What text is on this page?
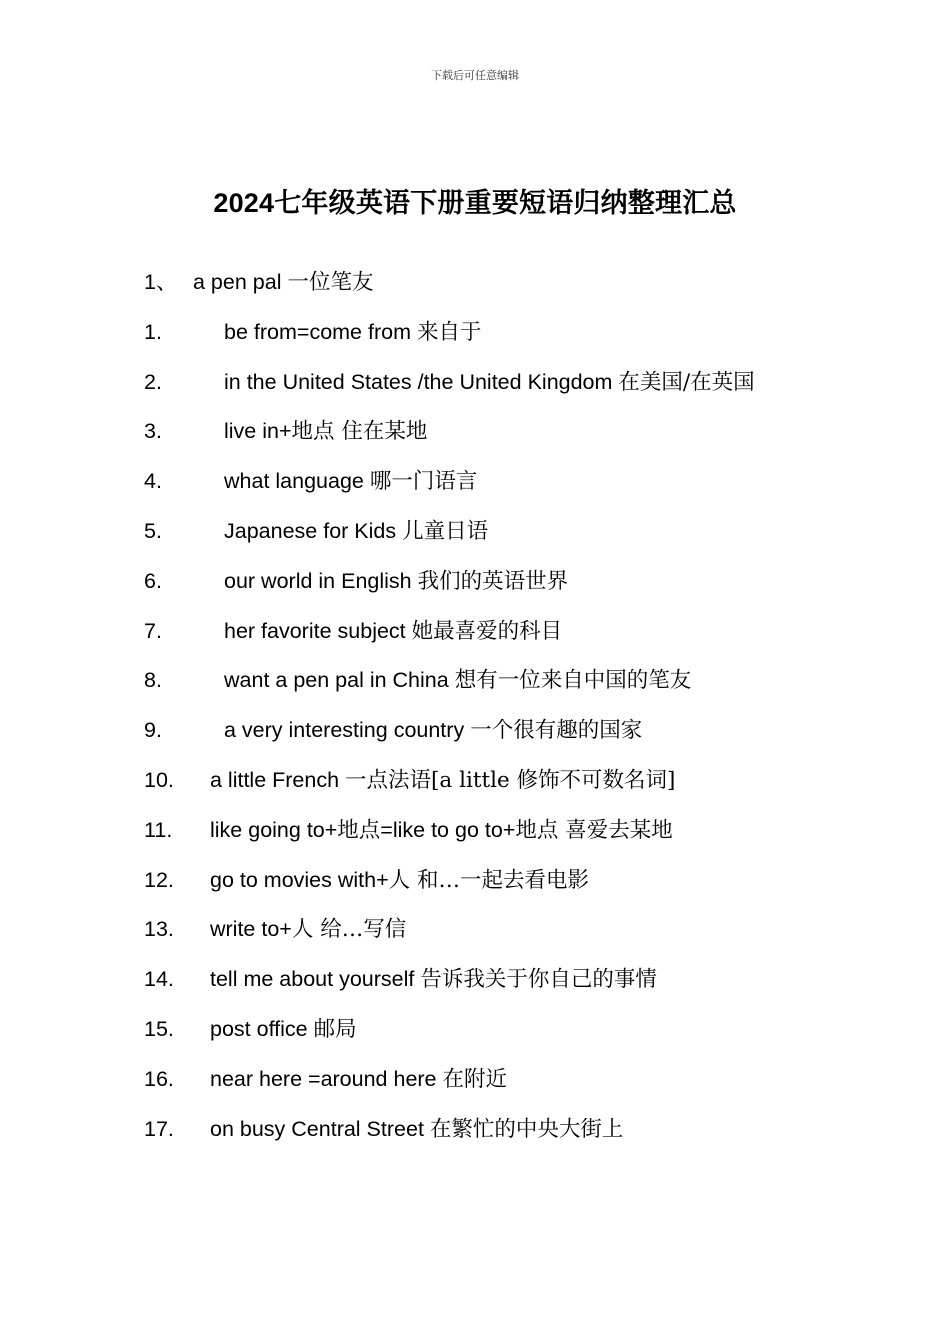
下载后可任意编辑
2024七年级英语下册重要短语归纳整理汇总
1、 a pen pal 一位笔友
1.	be from=come from 来自于
2.	in the United States /the United Kingdom 在美国/在英国
3.	live in+地点 住在某地
4.	what language 哪一门语言
5.	Japanese for Kids 儿童日语
6.	our world in English 我们的英语世界
7.	her favorite subject 她最喜爱的科目
8.	want a pen pal in China 想有一位来自中国的笔友
9.	a very interesting country 一个很有趣的国家
10. a little French 一点法语[a little 修饰不可数名词]
11. like going to+地点=like to go to+地点 喜爱去某地
12. go to movies with+人 和…一起去看电影
13. write to+人 给…写信
14. tell me about yourself 告诉我关于你自己的事情
15. post office 邮局
16. near here =around here 在附近
17. on busy Central Street 在繁忙的中央大街上
